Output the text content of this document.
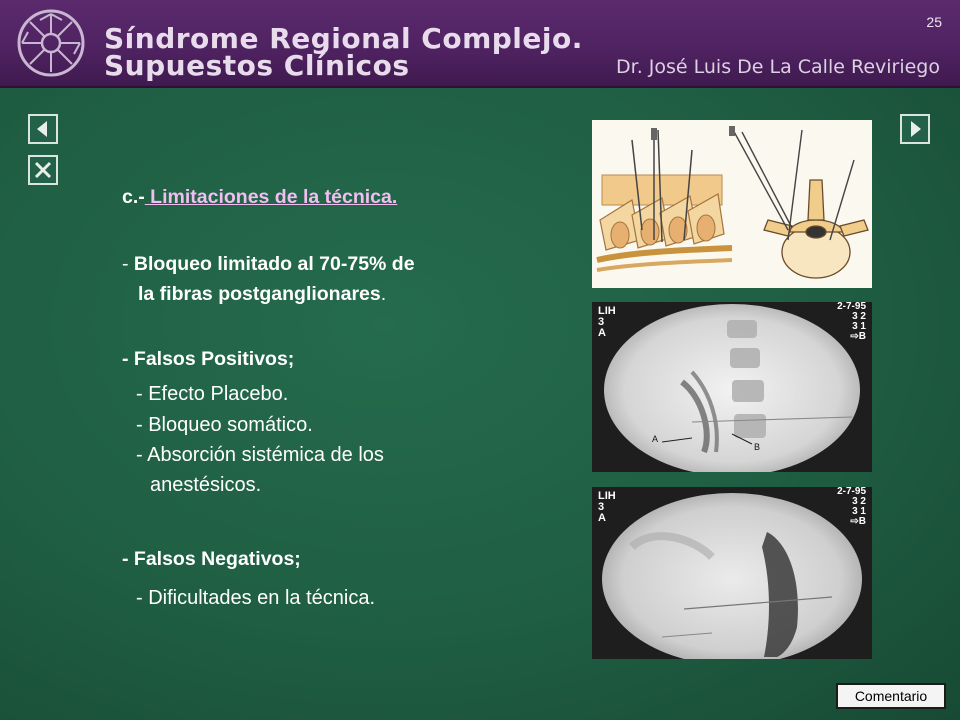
Síndrome Regional Complejo.
Supuestos Clínicos	Dr. José Luis De La Calle Reviriego
25
c.- Limitaciones de la técnica.
- Bloqueo limitado al 70-75% de
la fibras postganglionares.
- Falsos Positivos;
- Efecto Placebo.
- Bloqueo somático.
- Absorción sistémica de los
anestésicos.
- Falsos Negativos;
- Dificultades en la técnica.
LIH
3
A
2-7-95
3 2
3 1
⇨B
A
B
LIH
3
A
2-7-95
3 2
3 1
⇨B
Comentario
